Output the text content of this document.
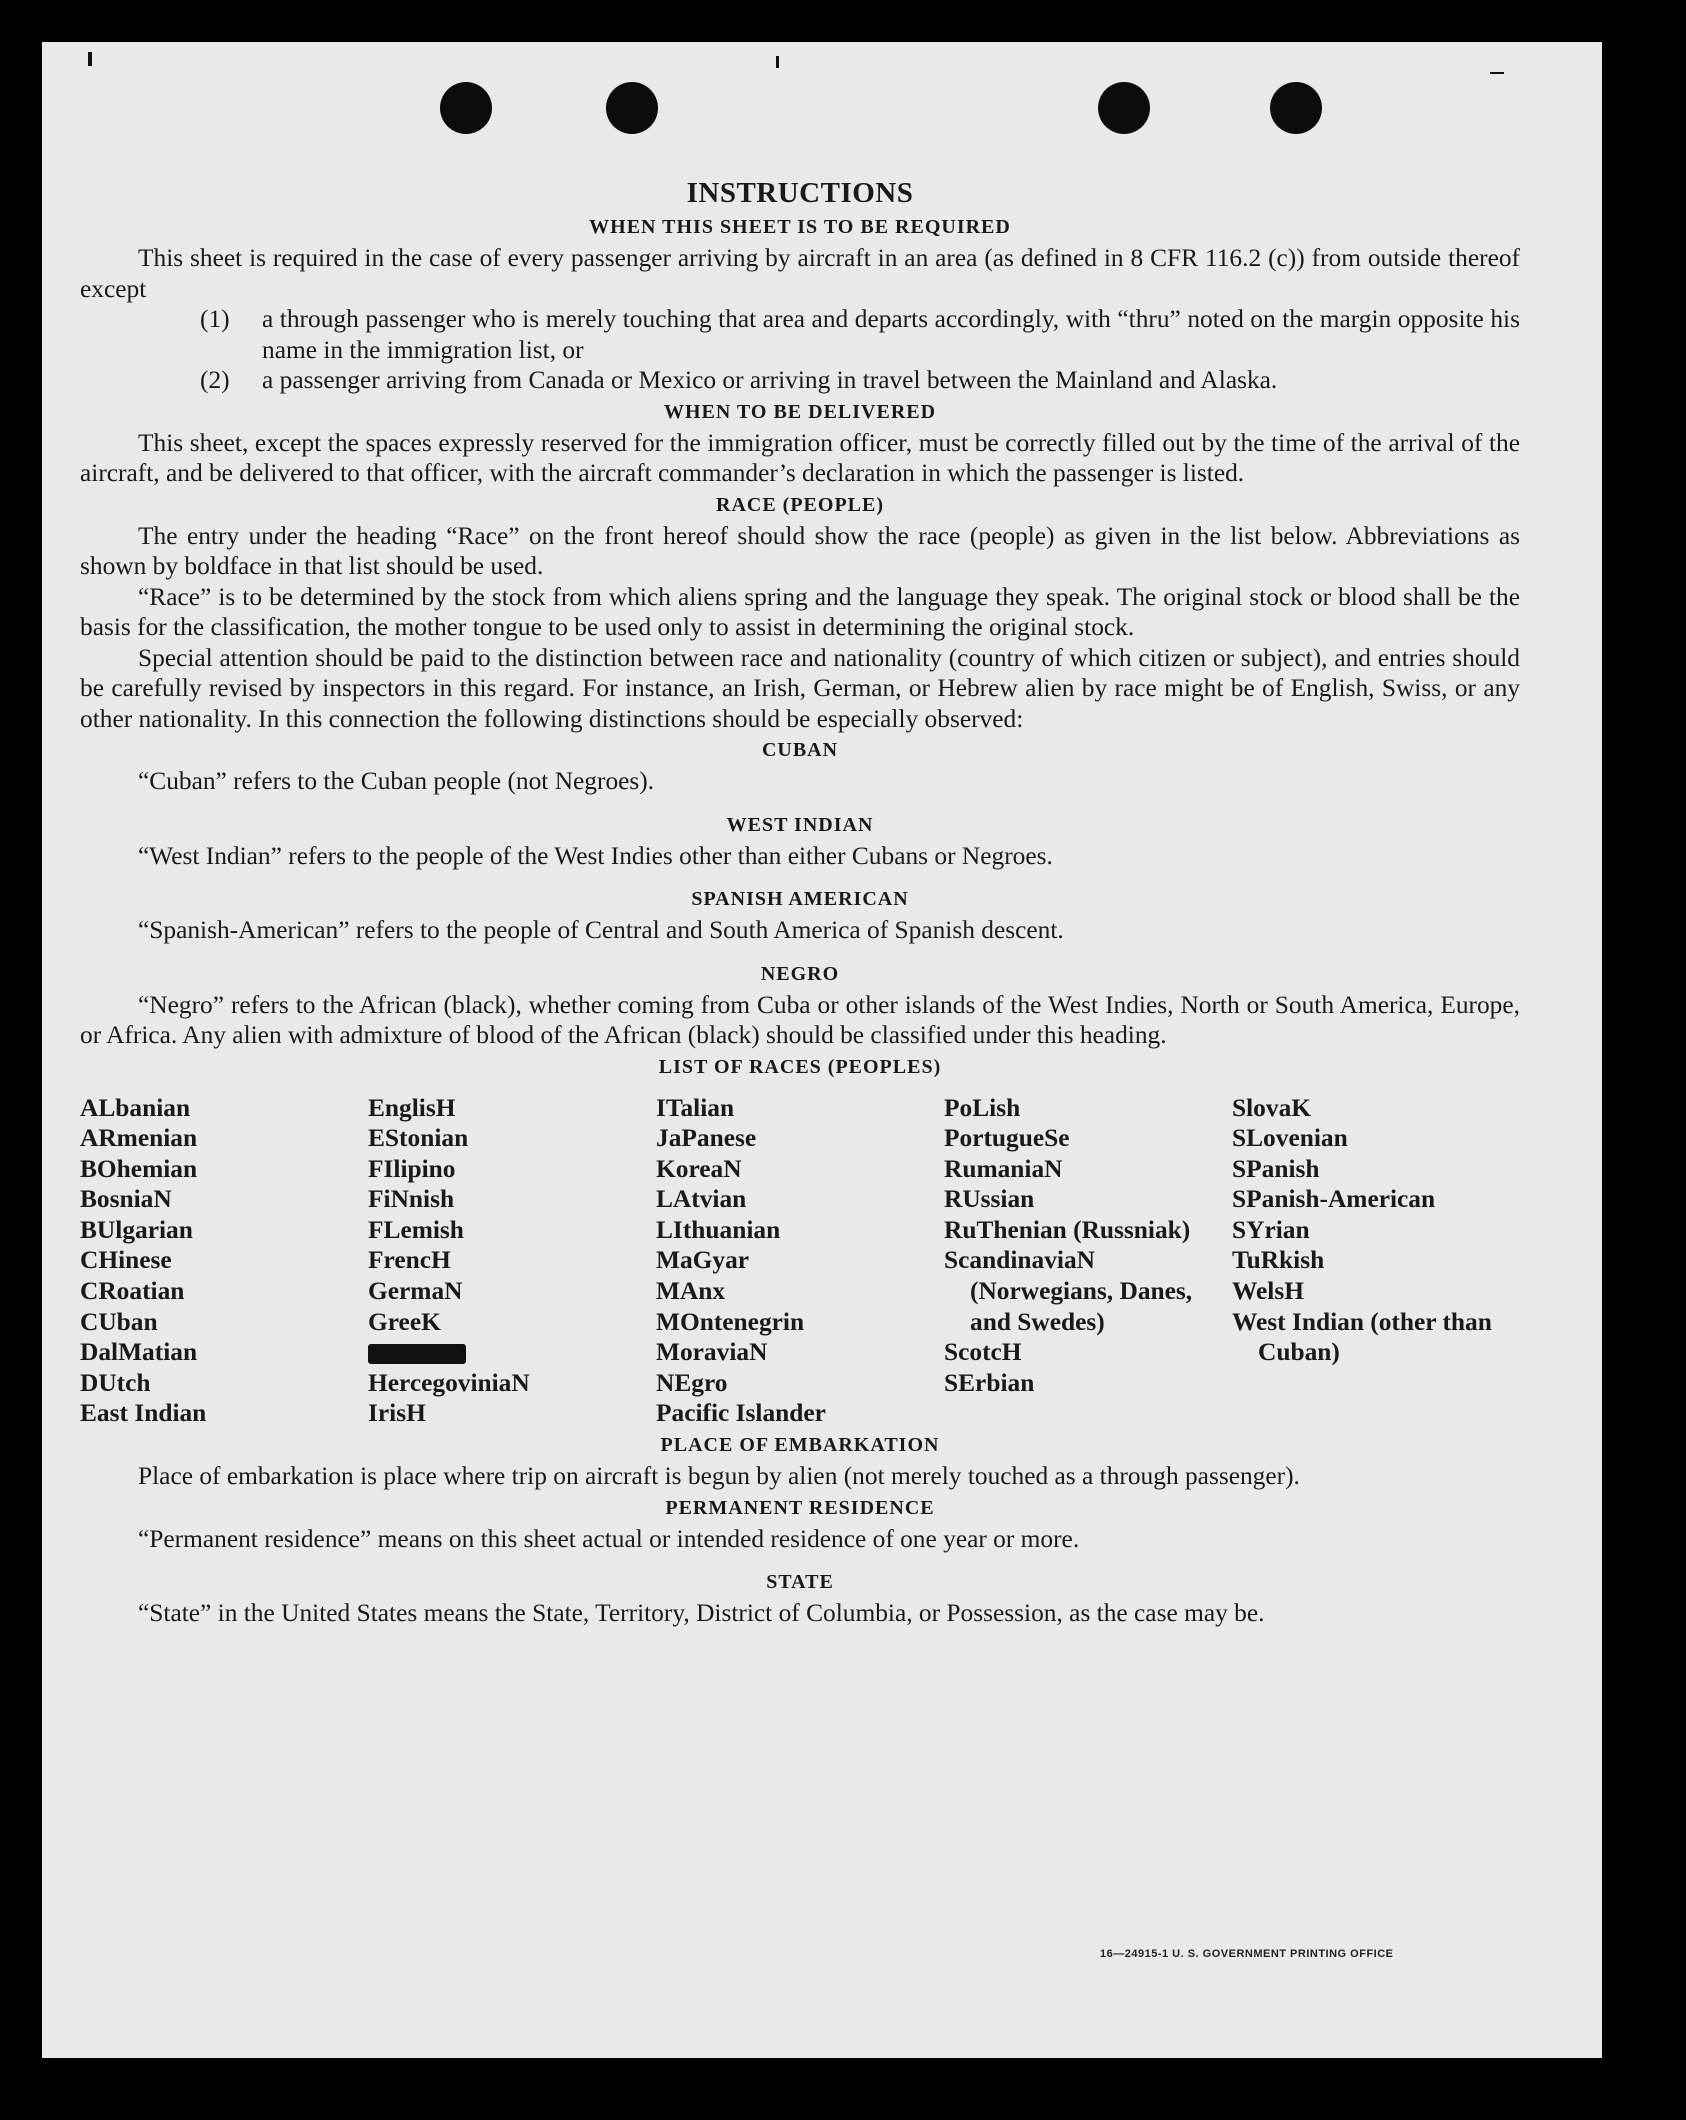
INSTRUCTIONS
WHEN THIS SHEET IS TO BE REQUIRED

This sheet is required in the case of every passenger arriving by aircraft in an area (as defined in 8 CFR 116.2 (c)) from outside thereof except

(1)	a through passenger who is merely touching that area and departs accordingly, with “thru” noted on the margin opposite his name in the immigration list, or
(2)	a passenger arriving from Canada or Mexico or arriving in travel between the Mainland and Alaska.
WHEN TO BE DELIVERED

This sheet, except the spaces expressly reserved for the immigration officer, must be correctly filled out by the time of the arrival of the aircraft, and be delivered to that officer, with the aircraft commander’s declaration in which the passenger is listed.

RACE (PEOPLE)

The entry under the heading “Race” on the front hereof should show the race (people) as given in the list below. Abbreviations as shown by boldface in that list should be used.

“Race” is to be determined by the stock from which aliens spring and the language they speak. The original stock or blood shall be the basis for the classification, the mother tongue to be used only to assist in determining the original stock.

Special attention should be paid to the distinction between race and nationality (country of which citizen or subject), and entries should be carefully revised by inspectors in this regard. For instance, an Irish, German, or Hebrew alien by race might be of English, Swiss, or any other nationality. In this connection the following distinctions should be especially observed:

CUBAN

“Cuban” refers to the Cuban people (not Negroes).

WEST INDIAN

“West Indian” refers to the people of the West Indies other than either Cubans or Negroes.

SPANISH AMERICAN

“Spanish-American” refers to the people of Central and South America of Spanish descent.

NEGRO

“Negro” refers to the African (black), whether coming from Cuba or other islands of the West Indies, North or South America, Europe, or Africa. Any alien with admixture of blood of the African (black) should be classified under this heading.

LIST OF RACES (PEOPLES)
ALbanian
ARmenian
BOhemian
BosniaN
BUlgarian
CHinese
CRoatian
CUban
DalMatian
DUtch
East Indian
EnglisH
EStonian
FIlipino
FiNnish
FLemish
FrencH
GermaN
GreeK
HercegoviniaN
IrisH
ITalian
JaPanese
KoreaN
LAtvian
LIthuanian
MaGyar
MAnx
MOntenegrin
MoraviaN
NEgro
Pacific Islander
PoLish
PortugueSe
RumaniaN
RUssian
RuThenian (Russniak)
ScandinaviaN (Norwegians, Danes, and Swedes)
ScotcH
SErbian
SlovaK
SLovenian
SPanish
SPanish-American
SYrian
TuRkish
WelsH
West Indian (other than Cuban)
PLACE OF EMBARKATION

Place of embarkation is place where trip on aircraft is begun by alien (not merely touched as a through passenger).

PERMANENT RESIDENCE

“Permanent residence” means on this sheet actual or intended residence of one year or more.

STATE

“State” in the United States means the State, Territory, District of Columbia, or Possession, as the case may be.

16—24915-1 U. S. GOVERNMENT PRINTING OFFICE
